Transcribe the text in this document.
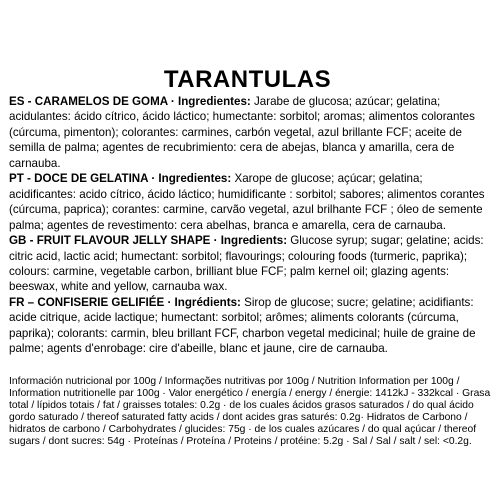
TARANTULAS

ES - CARAMELOS DE GOMA · Ingredientes: Jarabe de glucosa; azúcar; gelatina; acidulantes: ácido cítrico, ácido láctico; humectante: sorbitol; aromas; alimentos colorantes (cúrcuma, pimenton); colorantes: carmines, carbón vegetal, azul brillante FCF; aceite de semilla de palma; agentes de recubrimiento: cera de abejas, blanca y amarilla, cera de carnauba.

PT - DOCE DE GELATINA · Ingredientes: Xarope de glucose; açúcar; gelatina; acidificantes: acido cítrico, ácido láctico; humidificante : sorbitol; sabores; alimentos corantes (cúrcuma, paprica); corantes: carmine, carvão vegetal, azul brilhante FCF ; óleo de semente palma; agentes de revestimento: cera abelhas, branca e amarella, cera de carnauba.

GB - FRUIT FLAVOUR JELLY SHAPE · Ingredients: Glucose syrup; sugar; gelatine; acids: citric acid, lactic acid; humectant: sorbitol; flavourings; colouring foods (turmeric, paprika); colours: carmine, vegetable carbon, brilliant blue FCF; palm kernel oil; glazing agents: beeswax, white and yellow, carnauba wax.

FR – CONFISERIE GELIFIÉE · Ingrédients: Sirop de glucose; sucre; gelatine; acidifiants: acide citrique, acide lactique; humectant: sorbitol; arômes; aliments colorants (cúrcuma, paprika); colorants: carmin, bleu brillant FCF, charbon vegetal medicinal; huile de graine de palme; agents d'enrobage: cire d'abeille, blanc et jaune, cire de carnauba.

Información nutricional por 100g / Informações nutritivas por 100g / Nutrition Information per 100g / Information nutritionelle par 100g · Valor energético / energía / energy / énergie: 1412kJ - 332kcal · Grasa total / lípidos totais / fat / graisses totales: 0.2g · de los cuales ácidos grasos saturados / do qual ácido gordo saturado / thereof saturated fatty acids / dont acides gras saturés: 0.2g· Hidratos de Carbono / hidratos de carbono / Carbohydrates / glucides: 75g · de los cuales azúcares / do qual açúcar / thereof sugars / dont sucres: 54g · Proteínas / Proteína / Proteins / protéine: 5.2g · Sal / Sal / salt / sel: <0.2g.
